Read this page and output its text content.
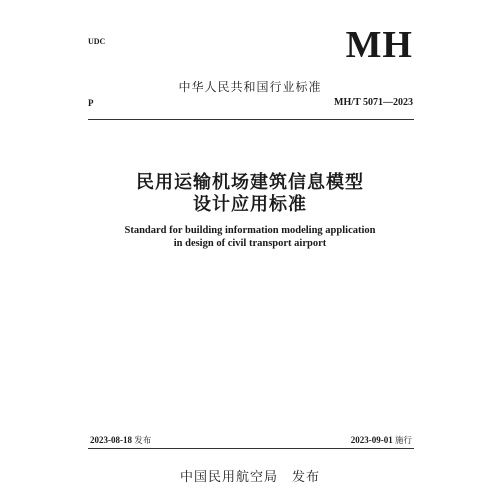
UDC	MH
中华人民共和国行业标准
P	MH/T 5071—2023
民用运输机场建筑信息模型
设计应用标准
Standard for building information modeling application
in design of civil transport airport
2023-08-18 发布	2023-09-01 施行
中国民用航空局　发布
